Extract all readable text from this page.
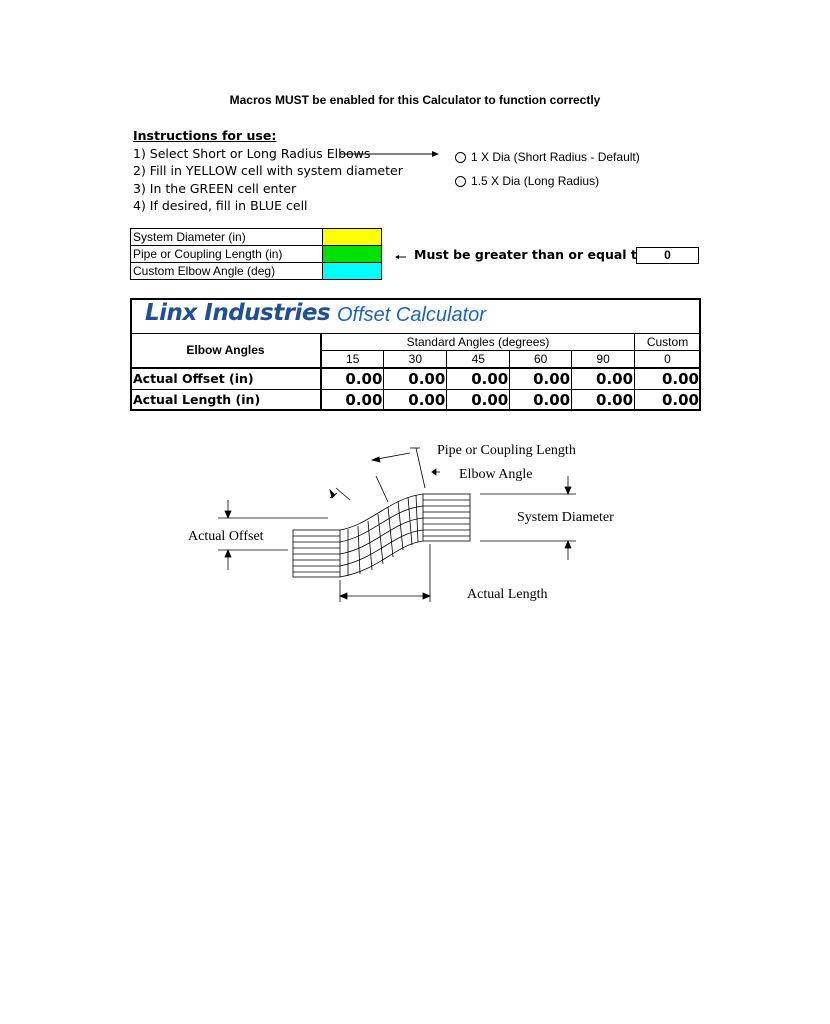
Macros MUST be enabled for this Calculator to function correctly
Instructions for use:
1) Select Short or Long Radius Elbows
2) Fill in YELLOW cell with system diameter
3) In the GREEN cell enter
4) If desired, fill in BLUE cell
1 X Dia (Short Radius - Default)
1.5 X Dia (Long Radius)
System Diameter (in)	
Pipe or Coupling Length (in)	
Custom Elbow Angle (deg)	
Must be greater than or equal t	0
Linx Industries Offset Calculator
Elbow Angles	Standard Angles (degrees)					Custom
	15	30	45	60	90	0
Actual Offset (in)	0.00	0.00	0.00	0.00	0.00	0.00
Actual Length (in)	0.00	0.00	0.00	0.00	0.00	0.00
Pipe or Coupling Length
Elbow Angle
System Diameter
Actual Offset
Actual Length
